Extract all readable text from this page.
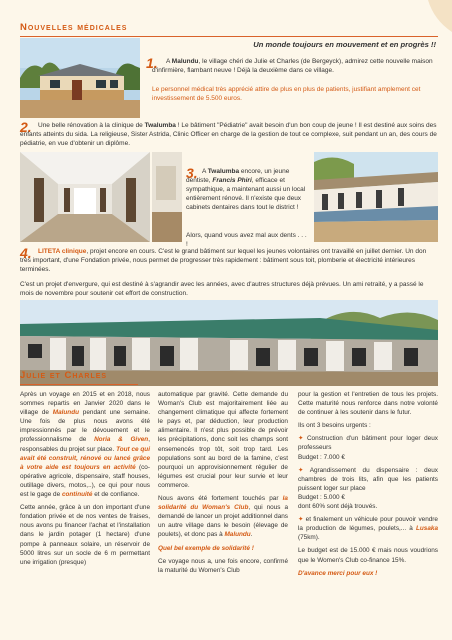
Nouvelles médicales
Un monde toujours en mouvement et en progrès !!
1.	A Malundu, le village chéri de Julie et Charles (de Bergeyck), admirez cette nouvelle maison d'infirmière, flambant neuve ! Déjà la deuxième dans ce village.
Le personnel médical très apprécié attire de plus en plus de patients, justifiant amplement cet investissement de 5.500 euros.
2. Une belle rénovation à la clinique de Twalumba ! Le bâtiment "Pédiatrie" avait besoin d'un bon coup de jeune ! Il est destiné aux soins des enfants atteints du sida. La religieuse, Sister Astrida, Clinic Officer en charge de la gestion de tout ce complexe, suit pendant un an, des cours de pédiatrie, en vue d'obtenir un diplôme.
3. A Twalumba encore, un jeune dentiste, Francis Phiri, efficace et sympathique, a maintenant aussi un local entièrement rénové. Il n'existe que deux cabinets dentaires dans tout le district !
Alors, quand vous avez mal aux dents . . . !
4. LITETA clinique, projet encore en cours. C'est le grand bâtiment sur lequel les jeunes volontaires ont travaillé en juillet dernier. Un don très important, d'une Fondation privée, nous permet de progresser très rapidement : bâtiment sous toit, plomberie et électricité intérieures terminées.
C'est un projet d'envergure, qui est destiné à s'agrandir avec les années, avec d'autres structures déjà prévues. Un ami retraité, y a passé le mois de novembre pour soutenir cet effort de construction.
Julie et Charles

Après un voyage en 2015 et en 2018, nous sommes repartis en Janvier 2020 dans le village de Malundu pendant une semaine. Une fois de plus nous avons été impressionnés par le dévouement et le professionnalisme de Noria & Given, responsables du projet sur place. Tout ce qui avait été construit, rénové ou lancé grâce à votre aide est toujours en activité (co-opérative agricole, dispensaire, staff houses, outillage divers, motos,..), ce qui pour nous est le gage de continuité et de confiance.

Cette année, grâce à un don important d'une fondation privée et de nos ventes de fraises, nous avons pu financer l'achat et l'installation dans le jardin potager (1 hectare) d'une pompe à panneaux solaire, un réservoir de 5000 litres sur un socle de 6 m permettant une irrigation (presque)

automatique par gravité. Cette demande du Woman's Club est majoritairement liée au changement climatique qui affecte fortement le pays et, par déduction, leur production alimentaire. Il n'est plus possible de prévoir les précipitations, donc soit les champs sont ensemencés trop tôt, soit trop tard. Les populations sont au bord de la famine, c'est pourquoi un approvisionnement régulier de légumes est crucial pour leur survie et leur commerce.

Nous avons été fortement touchés par la solidarité du Woman's Club, qui nous a demandé de lancer un projet additionnel dans un autre village dans le besoin (élevage de poulets), et donc pas à Malundu.

Quel bel exemple de solidarité !

Ce voyage nous a, une fois encore, confirmé la maturité du Women's Club

pour la gestion et l'entretien de tous les projets. Cette maturité nous renforce dans notre volonté de continuer à les soutenir dans le futur.

Ils ont 3 besoins urgents :

✦ Construction d'un bâtiment pour loger deux professeurs

Budget : 7.000 €

✦ Agrandissement du dispensaire : deux chambres de trois lits, afin que les patients puissent loger sur place

Budget : 5.000 €

dont 60% sont déjà trouvés.

✦ et finalement un véhicule pour pouvoir vendre la production de légumes, poulets,... à Lusaka (75km).

Le budget est de 15.000 € mais nous voudrions que le Women's Club co-finance 15%.

D'avance merci pour eux !
